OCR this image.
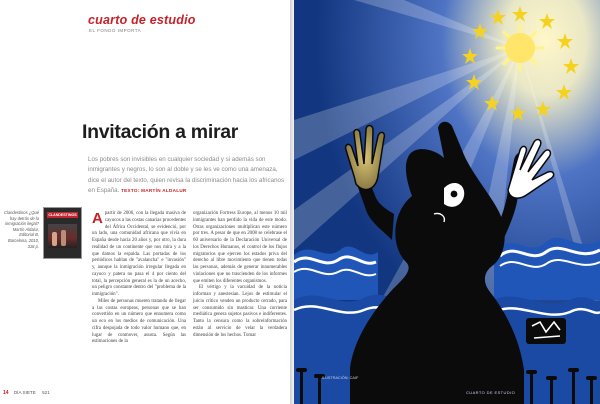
cuarto de estudio
EL FONDO IMPORTA
Invitación a mirar
Los pobres son invisibles en cualquier sociedad y si además son inmigrantes y negros, lo son al doble y se les ve como una amenaza, dice el autor del texto, quien revisa la discriminación hacia los africanos en España. TEXTO: MARTÍN ALDALUR
Clandestinos ¿Qué hay detrás de la inmigración ilegal? Martín Aldalur, Editorial B, Barcelona, 2010, 318 p.
CLANDESTINOS Apartir de 2006, con la llegada masiva de cayucos a las costas canarias procedentes del África Occidental, se evidenció, por un lado, una comunidad africana que vivía en España desde hacía 20 años y, por otro, la dura realidad de un continente que nos mira y a la que damos la espalda. Las portadas de los periódicos hablan de "avalancha" e "invasión" y, aunque la inmigración irregular llegada en cayuco y patera no pasa el 4 por ciento del total, la percepción general es la de un acecho, un peligro constante dentro del "problema de la inmigración".

Miles de personas mueren tratando de llegar a las costas europeas, personas que se han convertido en un número que ennumera como un eco en los medios de comunicación. Una cifra despojada de todo valor humano que, en lugar de conmover, asusta. Según las estimaciones de la

organización Fortress Europe, al menos 10 mil inmigrantes han perdido la vida de este modo. Otras organizaciones multiplican este número por tres. A pesar de que en 2008 se celebrase el 60 aniversario de la Declaración Universal de los Derechos Humanos, el control de los flujos migratorios que ejercen los estados priva del derecho al libre movimiento que tienen todas las personas, además de generar innumerables violaciones que no trascienden de los informes que emiten los diferentes organismos.

El vértigo y la vacuidad de la noticia informan y anestesian. Lejos de estimular el juicio crítico venden un producto cerrado, para ser consumido sin masticar. Una corriente mediática genera sujetos pasivos e indiferentes. Tanto la censura como la sobreinformación están al servicio de velar la verdadera dimensión de los hechos. Tomar

14 DÍA SIETE 521
ILUSTRACIÓN: CAIF
CUARTO DE ESTUDIO
